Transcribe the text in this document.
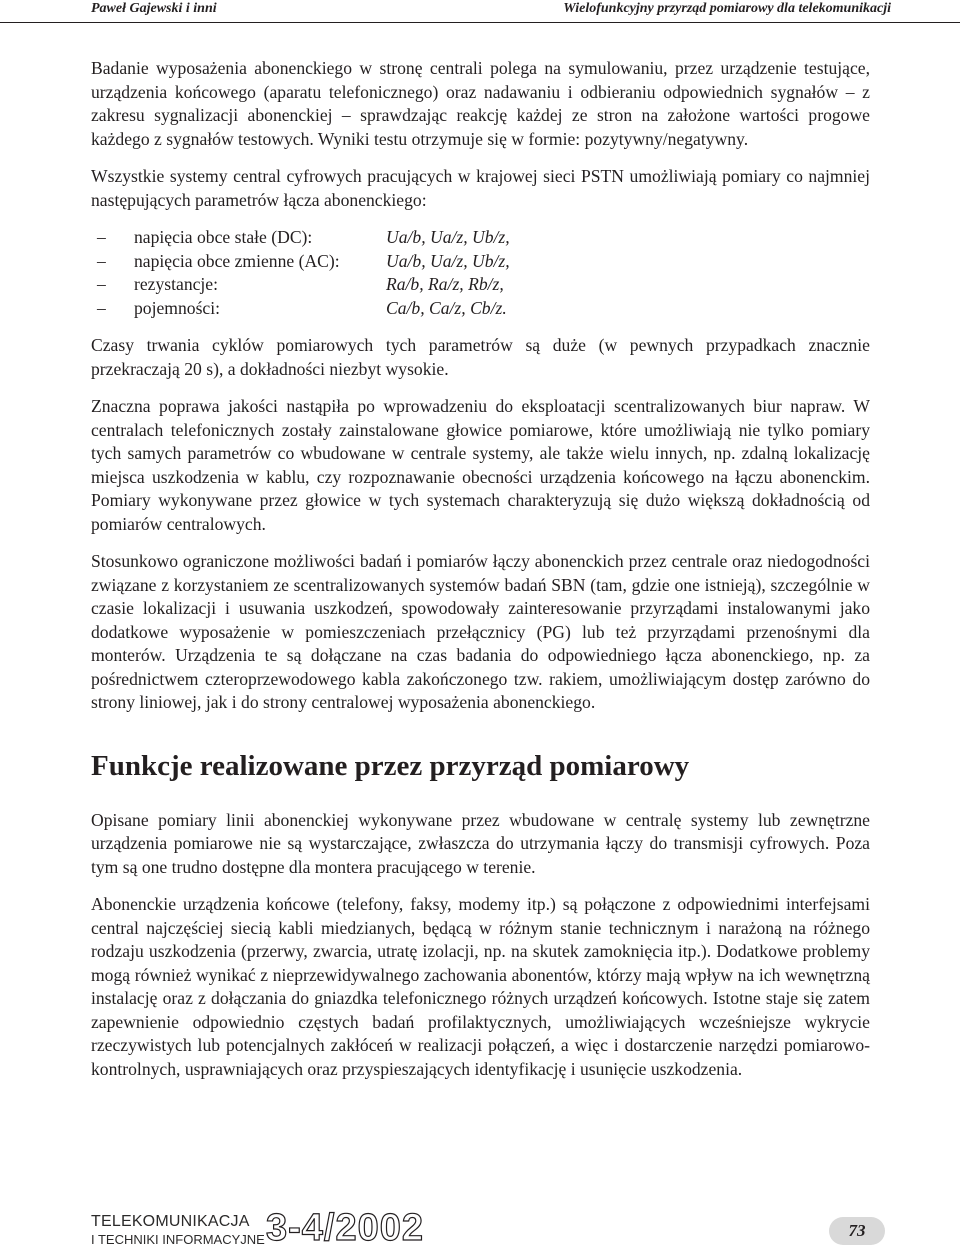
Paweł Gajewski i inni	Wielofunkcyjny przyrząd pomiarowy dla telekomunikacji

Badanie wyposażenia abonenckiego w stronę centrali polega na symulowaniu, przez urządzenie testujące, urządzenia końcowego (aparatu telefonicznego) oraz nadawaniu i odbieraniu odpowiednich sygnałów – z zakresu sygnalizacji abonenckiej – sprawdzając reakcję każdej ze stron na założone wartości progowe każdego z sygnałów testowych. Wyniki testu otrzymuje się w formie: pozytywny/negatywny.

Wszystkie systemy central cyfrowych pracujących w krajowej sieci PSTN umożliwiają pomiary co najmniej następujących parametrów łącza abonenckiego:

– napięcia obce stałe (DC):	Ua/b, Ua/z, Ub/z,
– napięcia obce zmienne (AC):	Ua/b, Ua/z, Ub/z,
– rezystancje:	Ra/b, Ra/z, Rb/z,
– pojemności:	Ca/b, Ca/z, Cb/z.

Czasy trwania cyklów pomiarowych tych parametrów są duże (w pewnych przypadkach znacznie przekraczają 20 s), a dokładności niezbyt wysokie.

Znaczna poprawa jakości nastąpiła po wprowadzeniu do eksploatacji scentralizowanych biur napraw. W centralach telefonicznych zostały zainstalowane głowice pomiarowe, które umożliwiają nie tylko pomiary tych samych parametrów co wbudowane w centrale systemy, ale także wielu innych, np. zdalną lokalizację miejsca uszkodzenia w kablu, czy rozpoznawanie obecności urządzenia końcowego na łączu abonenckim. Pomiary wykonywane przez głowice w tych systemach charakteryzują się dużo większą dokładnością od pomiarów centralowych.

Stosunkowo ograniczone możliwości badań i pomiarów łączy abonenckich przez centrale oraz niedogodności związane z korzystaniem ze scentralizowanych systemów badań SBN (tam, gdzie one istnieją), szczególnie w czasie lokalizacji i usuwania uszkodzeń, spowodowały zainteresowanie przyrządami instalowanymi jako dodatkowe wyposażenie w pomieszczeniach przełącznicy (PG) lub też przyrządami przenośnymi dla monterów. Urządzenia te są dołączane na czas badania do odpowiedniego łącza abonenckiego, np. za pośrednictwem czteroprzewodowego kabla zakończonego tzw. rakiem, umożliwiającym dostęp zarówno do strony liniowej, jak i do strony centralowej wyposażenia abonenckiego.

Funkcje realizowane przez przyrząd pomiarowy

Opisane pomiary linii abonenckiej wykonywane przez wbudowane w centralę systemy lub zewnętrzne urządzenia pomiarowe nie są wystarczające, zwłaszcza do utrzymania łączy do transmisji cyfrowych. Poza tym są one trudno dostępne dla montera pracującego w terenie.

Abonenckie urządzenia końcowe (telefony, faksy, modemy itp.) są połączone z odpowiednimi interfejsami central najczęściej siecią kabli miedzianych, będącą w różnym stanie technicznym i narażoną na różnego rodzaju uszkodzenia (przerwy, zwarcia, utratę izolacji, np. na skutek zamoknięcia itp.). Dodatkowe problemy mogą również wynikać z nieprzewidywalnego zachowania abonentów, którzy mają wpływ na ich wewnętrzną instalację oraz z dołączania do gniazdka telefonicznego różnych urządzeń końcowych. Istotne staje się zatem zapewnienie odpowiednio częstych badań profilaktycznych, umożliwiających wcześniejsze wykrycie rzeczywistych lub potencjalnych zakłóceń w realizacji połączeń, a więc i dostarczenie narzędzi pomiarowo-kontrolnych, usprawniających oraz przyspieszających identyfikację i usunięcie uszkodzenia.

TELEKOMUNIKACJA
I TECHNIKI INFORMACYJNE 3-4/2002	73
